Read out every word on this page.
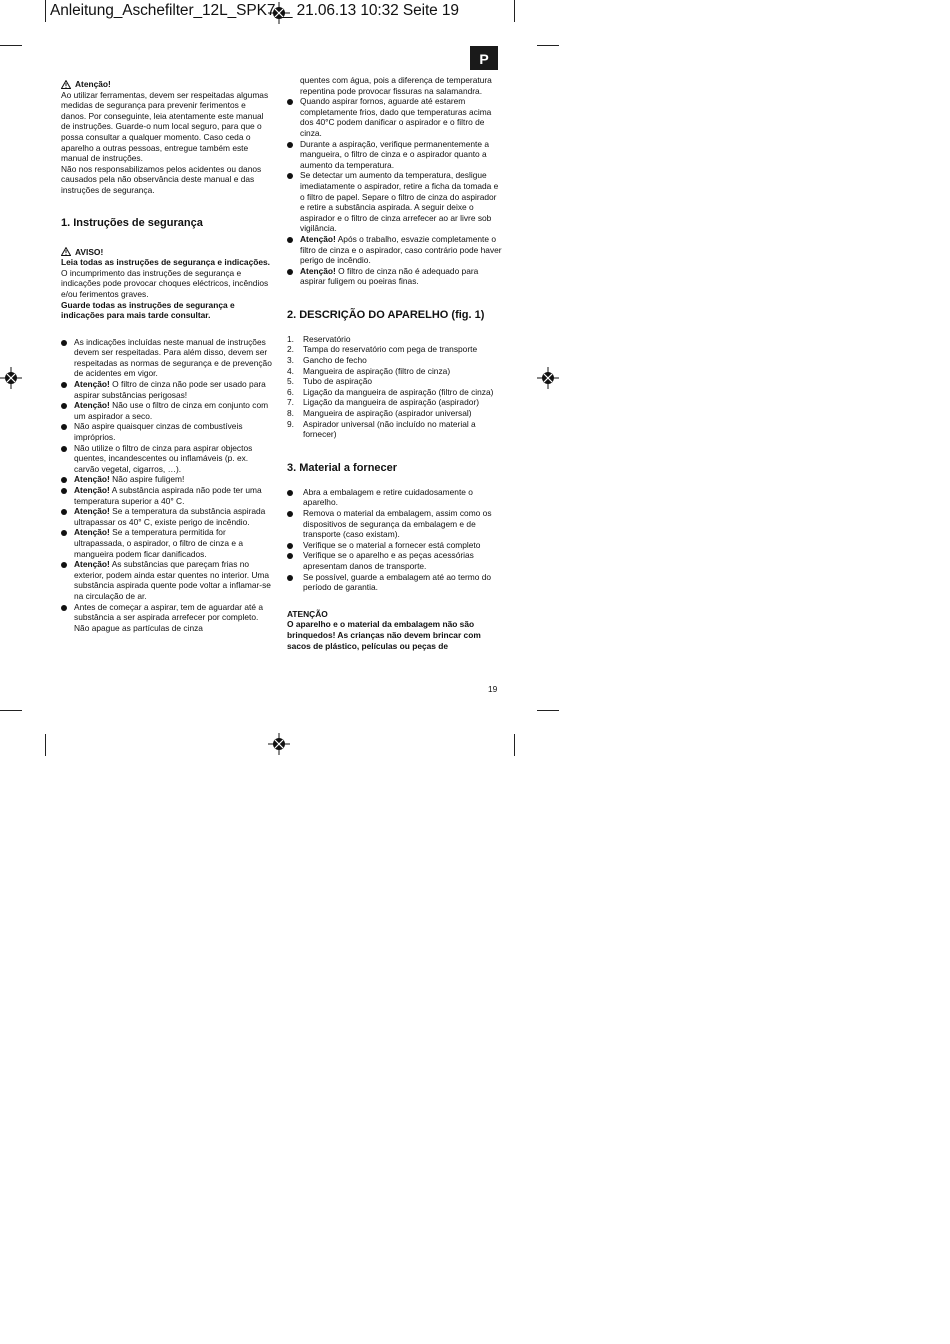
Anleitung_Aschefilter_12L_SPK7__ 21.06.13 10:32 Seite 19
P
Atenção!

Ao utilizar ferramentas, devem ser respeitadas algumas medidas de segurança para prevenir ferimentos e danos. Por conseguinte, leia atentamente este manual de instruções. Guarde-o num local seguro, para que o possa consultar a qualquer momento. Caso ceda o aparelho a outras pessoas, entregue também este manual de instruções.

Não nos responsabilizamos pelos acidentes ou danos causados pela não observância deste manual e das instruções de segurança.

1. Instruções de segurança
AVISO!

Leia todas as instruções de segurança e indicações.

O incumprimento das instruções de segurança e indicações pode provocar choques eléctricos, incêndios e/ou ferimentos graves.

Guarde todas as instruções de segurança e indicações para mais tarde consultar.

As indicações incluídas neste manual de instruções devem ser respeitadas. Para além disso, devem ser respeitadas as normas de segurança e de prevenção de acidentes em vigor.
Atenção! O filtro de cinza não pode ser usado para aspirar substâncias perigosas!
Atenção! Não use o filtro de cinza em conjunto com um aspirador a seco.
Não aspire quaisquer cinzas de combustíveis impróprios.
Não utilize o filtro de cinza para aspirar objectos quentes, incandescentes ou inflamáveis (p. ex. carvão vegetal, cigarros, …).
Atenção! Não aspire fuligem!
Atenção! A substância aspirada não pode ter uma temperatura superior a 40° C.
Atenção! Se a temperatura da substância aspirada ultrapassar os 40° C, existe perigo de incêndio.
Atenção! Se a temperatura permitida for ultrapassada, o aspirador, o filtro de cinza e a mangueira podem ficar danificados.
Atenção! As substâncias que pareçam frias no exterior, podem ainda estar quentes no interior. Uma substância aspirada quente pode voltar a inflamar-se na circulação de ar.
Antes de começar a aspirar, tem de aguardar até a substância a ser aspirada arrefecer por completo. Não apague as partículas de cinza

quentes com água, pois a diferença de temperatura repentina pode provocar fissuras na salamandra.

Quando aspirar fornos, aguarde até estarem completamente frios, dado que temperaturas acima dos 40°C podem danificar o aspirador e o filtro de cinza.
Durante a aspiração, verifique permanentemente a mangueira, o filtro de cinza e o aspirador quanto a aumento da temperatura.
Se detectar um aumento da temperatura, desligue imediatamente o aspirador, retire a ficha da tomada e o filtro de papel. Separe o filtro de cinza do aspirador e retire a substância aspirada. A seguir deixe o aspirador e o filtro de cinza arrefecer ao ar livre sob vigilância.
Atenção! Após o trabalho, esvazie completamente o filtro de cinza e o aspirador, caso contrário pode haver perigo de incêndio.
Atenção! O filtro de cinza não é adequado para aspirar fuligem ou poeiras finas.
2. DESCRIÇÃO DO APARELHO (fig. 1)
1.	Reservatório
2.	Tampa do reservatório com pega de transporte
3.	Gancho de fecho
4.	Mangueira de aspiração (filtro de cinza)
5.	Tubo de aspiração
6.	Ligação da mangueira de aspiração (filtro de cinza)
7.	Ligação da mangueira de aspiração (aspirador)
8.	Mangueira de aspiração (aspirador universal)
9.	Aspirador universal (não incluído no material a fornecer)
3. Material a fornecer
Abra a embalagem e retire cuidadosamente o aparelho.
Remova o material da embalagem, assim como os dispositivos de segurança da embalagem e de transporte (caso existam).
Verifique se o material a fornecer está completo
Verifique se o aparelho e as peças acessórias apresentam danos de transporte.
Se possível, guarde a embalagem até ao termo do período de garantia.

ATENÇÃO

O aparelho e o material da embalagem não são brinquedos! As crianças não devem brincar com sacos de plástico, películas ou peças de

19
